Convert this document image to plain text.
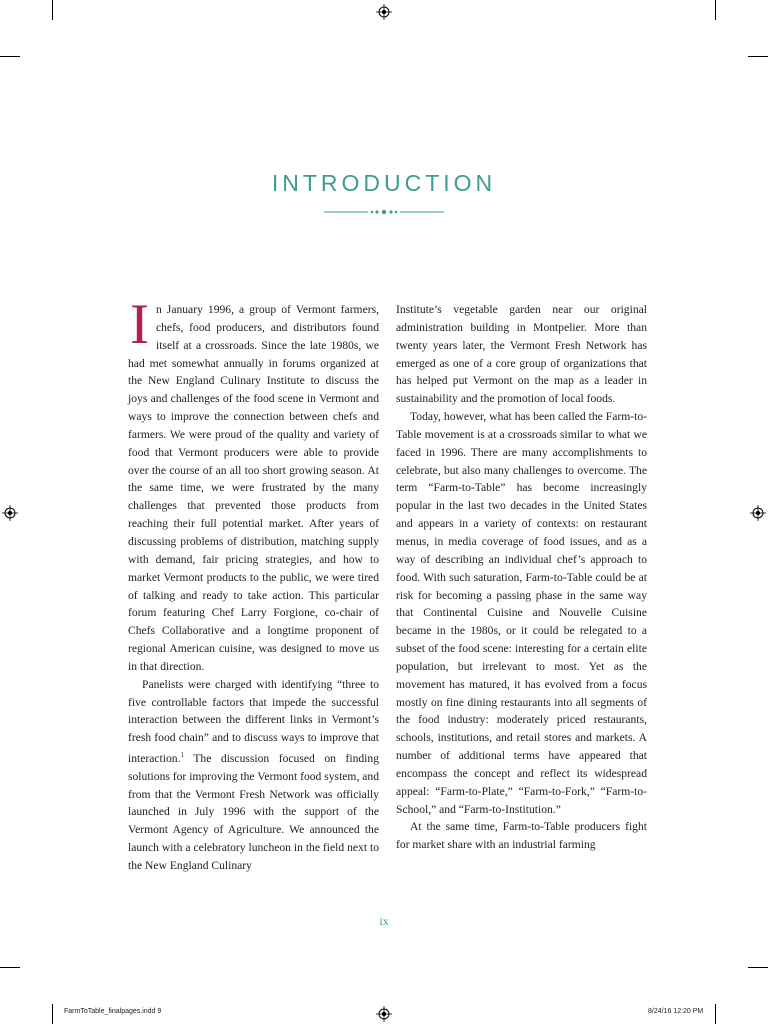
INTRODUCTION

In January 1996, a group of Vermont farmers, chefs, food producers, and distributors found itself at a crossroads. Since the late 1980s, we had met somewhat annually in forums organized at the New England Culinary Institute to discuss the joys and challenges of the food scene in Vermont and ways to improve the connection between chefs and farmers. We were proud of the quality and variety of food that Vermont producers were able to provide over the course of an all too short growing season. At the same time, we were frustrated by the many challenges that prevented those products from reaching their full potential market. After years of discussing problems of distribution, matching supply with demand, fair pricing strategies, and how to market Vermont products to the public, we were tired of talking and ready to take action. This particular forum featuring Chef Larry Forgione, co-chair of Chefs Collaborative and a longtime proponent of regional American cuisine, was designed to move us in that direction.

Panelists were charged with identifying “three to five controllable factors that impede the successful interaction between the different links in Vermont’s fresh food chain” and to discuss ways to improve that interaction.$^1$ The discussion focused on finding solutions for improving the Vermont food system, and from that the Vermont Fresh Network was officially launched in July 1996 with the support of the Vermont Agency of Agriculture. We announced the launch with a celebratory luncheon in the field next to the New England Culinary

Institute’s vegetable garden near our original administration building in Montpelier. More than twenty years later, the Vermont Fresh Network has emerged as one of a core group of organizations that has helped put Vermont on the map as a leader in sustainability and the promotion of local foods.

Today, however, what has been called the Farm-to-Table movement is at a crossroads similar to what we faced in 1996. There are many accomplishments to celebrate, but also many challenges to overcome. The term “Farm-to-Table” has become increasingly popular in the last two decades in the United States and appears in a variety of contexts: on restaurant menus, in media coverage of food issues, and as a way of describing an individual chef’s approach to food. With such saturation, Farm-to-Table could be at risk for becoming a passing phase in the same way that Continental Cuisine and Nouvelle Cuisine became in the 1980s, or it could be relegated to a subset of the food scene: interesting for a certain elite population, but irrelevant to most. Yet as the movement has matured, it has evolved from a focus mostly on fine dining restaurants into all segments of the food industry: moderately priced restaurants, schools, institutions, and retail stores and markets. A number of additional terms have appeared that encompass the concept and reflect its widespread appeal: “Farm-to-Plate,” “Farm-to-Fork,” “Farm-to-School,” and “Farm-to-Institution.”

At the same time, Farm-to-Table producers fight for market share with an industrial farming

ix
FarmToTable_finalpages.indd 9	8/24/16 12:20 PM
